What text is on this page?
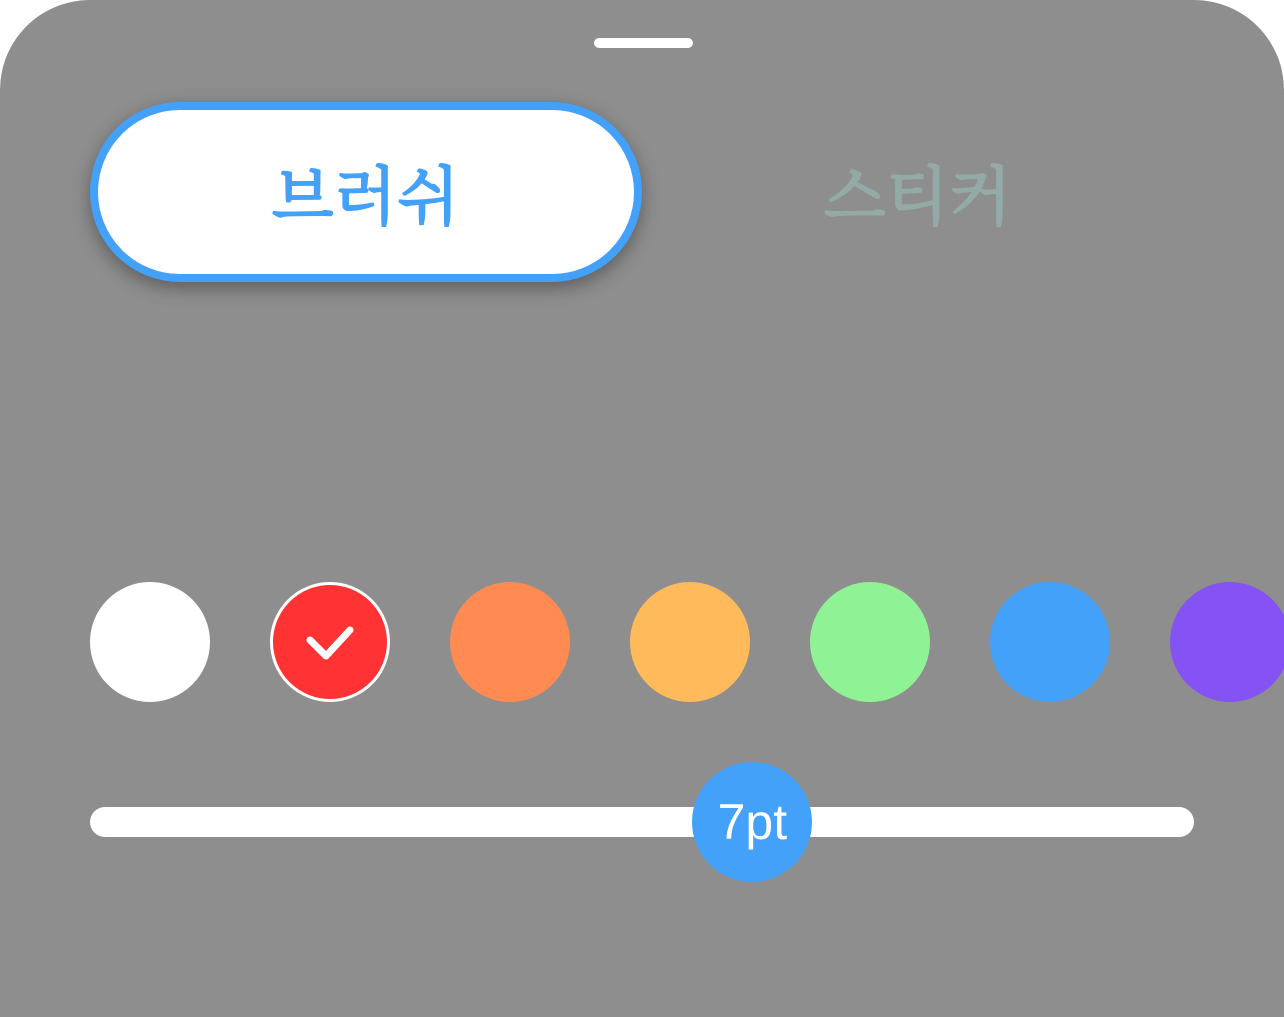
브러쉬	스티커
7pt
